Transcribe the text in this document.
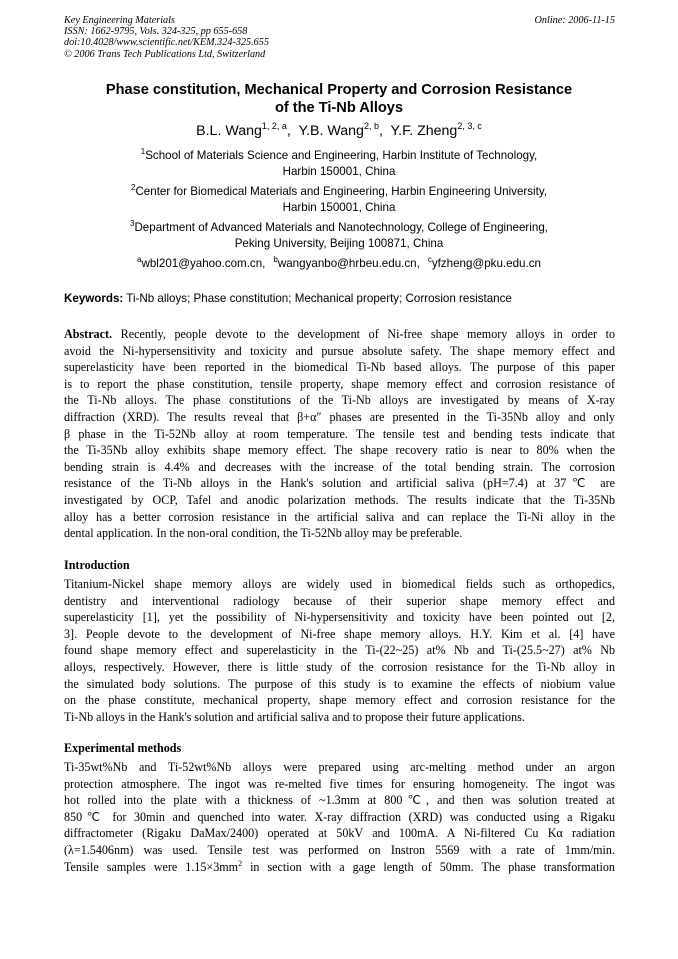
Key Engineering Materials
ISSN: 1662-9795, Vols. 324-325, pp 655-658
doi:10.4028/www.scientific.net/KEM.324-325.655
© 2006 Trans Tech Publications Ltd, Switzerland
Online: 2006-11-15
Phase constitution, Mechanical Property and Corrosion Resistance
of the Ti-Nb Alloys
B.L. Wang$^{1, 2, a}$,  Y.B. Wang$^{2, b}$,  Y.F. Zheng$^{2, 3, c}$
$^1$School of Materials Science and Engineering, Harbin Institute of Technology,
Harbin 150001, China
$^2$Center for Biomedical Materials and Engineering, Harbin Engineering University,
Harbin 150001, China
$^3$Department of Advanced Materials and Nanotechnology, College of Engineering,
Peking University, Beijing 100871, China
$^a$wbl201@yahoo.com.cn, $^b$wangyanbo@hrbeu.edu.cn, $^c$yfzheng@pku.edu.cn
Keywords: Ti-Nb alloys; Phase constitution; Mechanical property; Corrosion resistance
Abstract. Recently, people devote to the development of Ni-free shape memory alloys in order to
avoid the Ni-hypersensitivity and toxicity and pursue absolute safety. The shape memory effect and
superelasticity have been reported in the biomedical Ti-Nb based alloys. The purpose of this paper
is to report the phase constitution, tensile property, shape memory effect and corrosion resistance of
the Ti-Nb alloys. The phase constitutions of the Ti-Nb alloys are investigated by means of X-ray
diffraction (XRD). The results reveal that β+α″ phases are presented in the Ti-35Nb alloy and only
β phase in the Ti-52Nb alloy at room temperature. The tensile test and bending tests indicate that
the Ti-35Nb alloy exhibits shape memory effect. The shape recovery ratio is near to 80% when the
bending strain is 4.4% and decreases with the increase of the total bending strain. The corrosion
resistance of the Ti-Nb alloys in the Hank's solution and artificial saliva (pH=7.4) at 37℃ are
investigated by OCP, Tafel and anodic polarization methods. The results indicate that the Ti-35Nb
alloy has a better corrosion resistance in the artificial saliva and can replace the Ti-Ni alloy in the
dental application. In the non-oral condition, the Ti-52Nb alloy may be preferable.
Introduction
Titanium-Nickel shape memory alloys are widely used in biomedical fields such as orthopedics,
dentistry and interventional radiology because of their superior shape memory effect and
superelasticity [1], yet the possibility of Ni-hypersensitivity and toxicity have been pointed out [2,
3]. People devote to the development of Ni-free shape memory alloys. H.Y. Kim et al. [4] have
found shape memory effect and superelasticity in the Ti-(22~25) at% Nb and Ti-(25.5~27) at% Nb
alloys, respectively. However, there is little study of the corrosion resistance for the Ti-Nb alloy in
the simulated body solutions. The purpose of this study is to examine the effects of niobium value
on the phase constitute, mechanical property, shape memory effect and corrosion resistance for the
Ti-Nb alloys in the Hank's solution and artificial saliva and to propose their future applications.
Experimental methods
Ti-35wt%Nb and Ti-52wt%Nb alloys were prepared using arc-melting method under an argon
protection atmosphere. The ingot was re-melted five times for ensuring homogeneity. The ingot was
hot rolled into the plate with a thickness of ~1.3mm at 800℃, and then was solution treated at
850℃ for 30min and quenched into water. X-ray diffraction (XRD) was conducted using a Rigaku
diffractometer (Rigaku DaMax/2400) operated at 50kV and 100mA. A Ni-filtered Cu Kα radiation
(λ=1.5406nm) was used. Tensile test was performed on Instron 5569 with a rate of 1mm/min.
Tensile samples were $1.15\times 3mm^2$ in section with a gage length of 50mm. The phase transformation
